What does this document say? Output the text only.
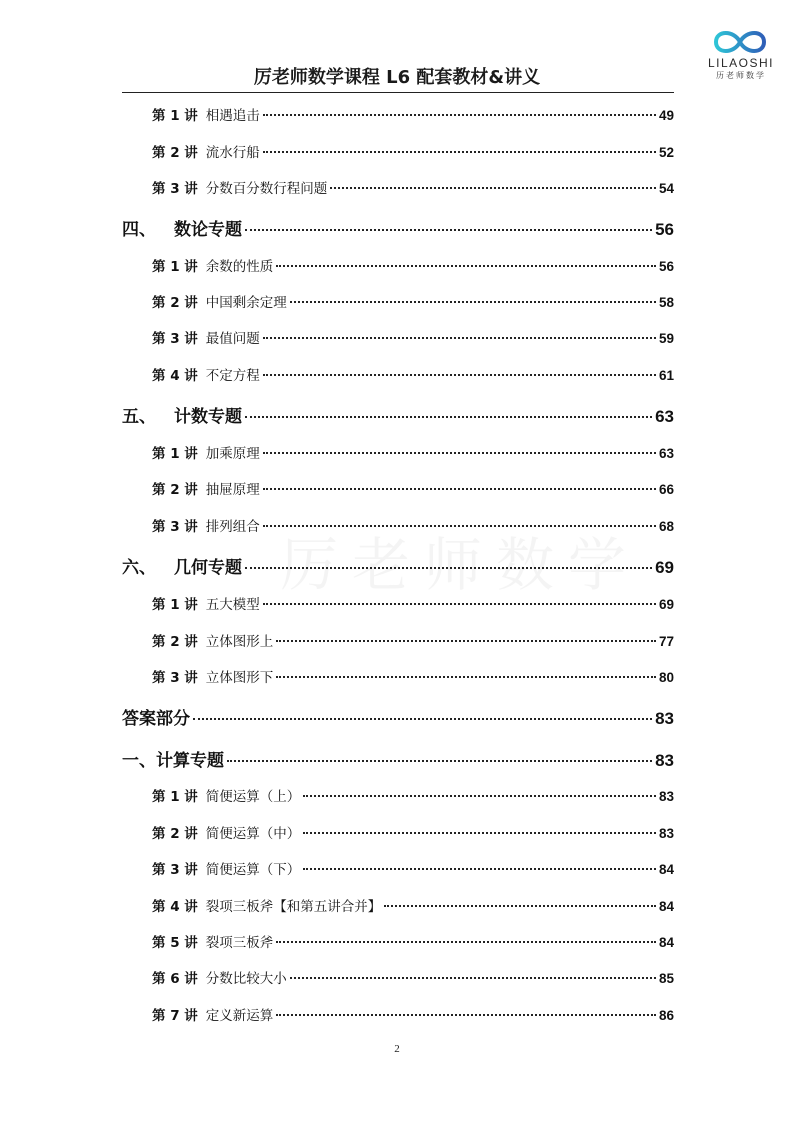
LILAOSHI
历老师数学
厉老师数学课程 L6 配套教材&讲义
第 1 讲 相遇追击	49
第 2 讲 流水行船	52
第 3 讲 分数百分数行程问题	54
四、 数论专题	56
第 1 讲 余数的性质	56
第 2 讲 中国剩余定理	58
第 3 讲 最值问题	59
第 4 讲 不定方程	61
五、 计数专题	63
第 1 讲 加乘原理	63
第 2 讲 抽屉原理	66
第 3 讲 排列组合	68
六、 几何专题	69
第 1 讲 五大模型	69
第 2 讲 立体图形上	77
第 3 讲 立体图形下	80
答案部分	83
一、计算专题	83
第 1 讲 简便运算（上）	83
第 2 讲 简便运算（中）	83
第 3 讲 简便运算（下）	84
第 4 讲 裂项三板斧【和第五讲合并】	84
第 5 讲 裂项三板斧	84
第 6 讲 分数比较大小	85
第 7 讲 定义新运算	86
2
